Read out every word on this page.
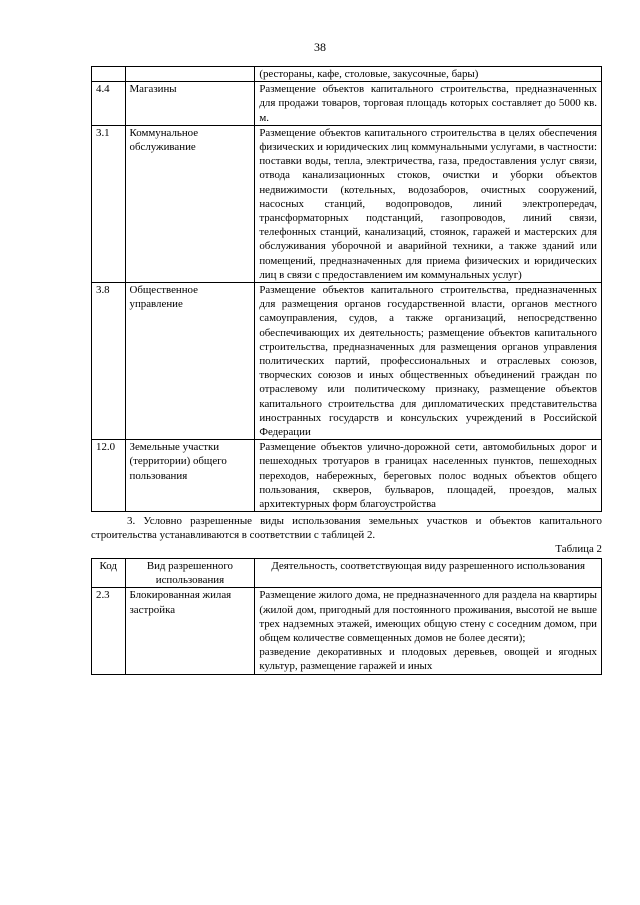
38
		(рестораны, кафе, столовые, закусочные, бары)
4.4	Магазины	Размещение объектов капитального строительства, предназначенных для продажи товаров, торговая площадь которых составляет до 5000 кв. м.
3.1	Коммунальное обслуживание	Размещение объектов капитального строительства в целях обеспечения физических и юридических лиц коммунальными услугами, в частности: поставки воды, тепла, электричества, газа, предоставления услуг связи, отвода канализационных стоков, очистки и уборки объектов недвижимости (котельных, водозаборов, очистных сооружений, насосных станций, водопроводов, линий электропередач, трансформаторных подстанций, газопроводов, линий связи, телефонных станций, канализаций, стоянок, гаражей и мастерских для обслуживания уборочной и аварийной техники, а также зданий или помещений, предназначенных для приема физических и юридических лиц в связи с предоставлением им коммунальных услуг)
3.8	Общественное управление	Размещение объектов капитального строительства, предназначенных для размещения органов государственной власти, органов местного самоуправления, судов, а также организаций, непосредственно обеспечивающих их деятельность; размещение объектов капитального строительства, предназначенных для размещения органов управления политических партий, профессиональных и отраслевых союзов, творческих союзов и иных общественных объединений граждан по отраслевому или политическому признаку, размещение объектов капитального строительства для дипломатических представительства иностранных государств и консульских учреждений в Российской Федерации
12.0	Земельные участки (территории) общего пользования	Размещение объектов улично-дорожной сети, автомобильных дорог и пешеходных тротуаров в границах населенных пунктов, пешеходных переходов, набережных, береговых полос водных объектов общего пользования, скверов, бульваров, площадей, проездов, малых архитектурных форм благоустройства
3. Условно разрешенные виды использования земельных участков и объектов капитального строительства устанавливаются в соответствии с таблицей 2.
Таблица 2
Код	Вид разрешенного использования	Деятельность, соответствующая виду разрешенного использования
2.3	Блокированная жилая застройка	Размещение жилого дома, не предназначенного для раздела на квартиры (жилой дом, пригодный для постоянного проживания, высотой не выше трех надземных этажей, имеющих общую стену с соседним домом, при общем количестве совмещенных домов не более десяти);
разведение декоративных и плодовых деревьев, овощей и ягодных культур, размещение гаражей и иных
